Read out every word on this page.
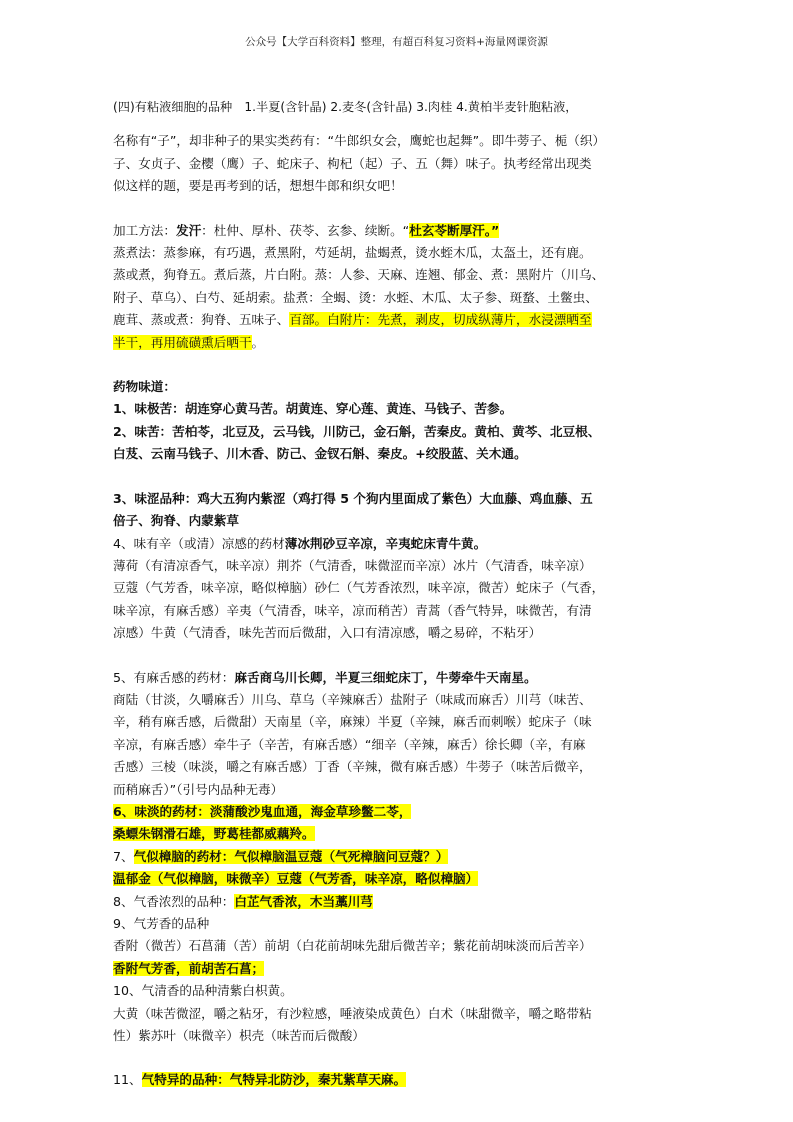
公众号【大学百科资料】整理，有超百科复习资料+海量网课资源

(四)有粘液细胞的品种　1.半夏(含针晶) 2.麦冬(含针晶) 3.肉桂 4.黄柏半麦针胞粘液，

名称有“子”，却非种子的果实类药有：“牛郎织女会，鹰蛇也起舞”。即牛蒡子、栀（织）

子、女贞子、金樱（鹰）子、蛇床子、枸杞（起）子、五（舞）味子。执考经常出现类

似这样的题，要是再考到的话，想想牛郎和织女吧！

加工方法：发汗：杜仲、厚朴、茯苓、玄参、续断。“杜玄苓断厚汗。”

蒸煮法：蒸参麻，有巧遇，煮黑附，芍延胡，盐蝎煮，烫水蛭木瓜，太盔土，还有鹿。

蒸或煮，狗脊五。煮后蒸，片白附。蒸：人参、天麻、连翘、郁金、煮：黑附片（川乌、

附子、草乌）、白芍、延胡索。盐煮：全蝎、烫：水蛭、木瓜、太子参、斑蝥、土鳖虫、

鹿茸、蒸或煮：狗脊、五味子、百部。白附片：先煮，剥皮，切成纵薄片，水浸漂晒至

半干，再用硫磺熏后晒干。

药物味道：

1、味极苦：胡连穿心黄马苦。胡黄连、穿心莲、黄连、马钱子、苦参。

2、味苦：苦柏苓，北豆及，云马钱，川防己，金石斛，苦秦皮。黄柏、黄芩、北豆根、

白芨、云南马钱子、川木香、防己、金钗石斛、秦皮。+绞股蓝、关木通。

3、味涩品种：鸡大五狗内紫涩（鸡打得 5 个狗内里面成了紫色）大血藤、鸡血藤、五

倍子、狗脊、内蒙紫草

4、味有辛（或清）凉感的药材薄冰荆砂豆辛凉，辛夷蛇床青牛黄。

薄荷（有清凉香气，味辛凉）荆芥（气清香，味微涩而辛凉）冰片（气清香，味辛凉）

豆蔻（气芳香，味辛凉，略似樟脑）砂仁（气芳香浓烈，味辛凉，微苦）蛇床子（气香，

味辛凉，有麻舌感）辛夷（气清香，味辛，凉而稍苦）青蒿（香气特异，味微苦，有清

凉感）牛黄（气清香，味先苦而后微甜，入口有清凉感，嚼之易碎，不粘牙）

5、有麻舌感的药材：麻舌商乌川长卿，半夏三细蛇床丁，牛蒡牵牛天南星。

商陆（甘淡，久嚼麻舌）川乌、草乌（辛辣麻舌）盐附子（味咸而麻舌）川芎（味苦、

辛，稍有麻舌感，后微甜）天南星（辛，麻辣）半夏（辛辣，麻舌而刺喉）蛇床子（味

辛凉，有麻舌感）牵牛子（辛苦，有麻舌感）“细辛（辛辣，麻舌）徐长卿（辛，有麻

舌感）三棱（味淡，嚼之有麻舌感）丁香（辛辣，微有麻舌感）牛蒡子（味苦后微辛，

而稍麻舌）”（引号内品种无毒）

6、味淡的药材：淡蒲酸沙鬼血通，海金草珍鳖二苓，

桑螵朱钢滑石雄，野葛桂都威藕羚。

7、气似樟脑的药材：气似樟脑温豆蔻（气死樟脑问豆蔻？）

温郁金（气似樟脑，味微辛）豆蔻（气芳香，味辛凉，略似樟脑）

8、气香浓烈的品种：白芷气香浓，木当藁川芎

9、气芳香的品种

香附（微苦）石菖蒲（苦）前胡（白花前胡味先甜后微苦辛；紫花前胡味淡而后苦辛）

香附气芳香，前胡苦石菖；

10、气清香的品种清紫白枳黄。

大黄（味苦微涩，嚼之粘牙，有沙粒感，唾液染成黄色）白术（味甜微辛，嚼之略带粘

性）紫苏叶（味微辛）枳壳（味苦而后微酸）

11、气特异的品种：气特异北防沙，秦艽紫草天麻。
